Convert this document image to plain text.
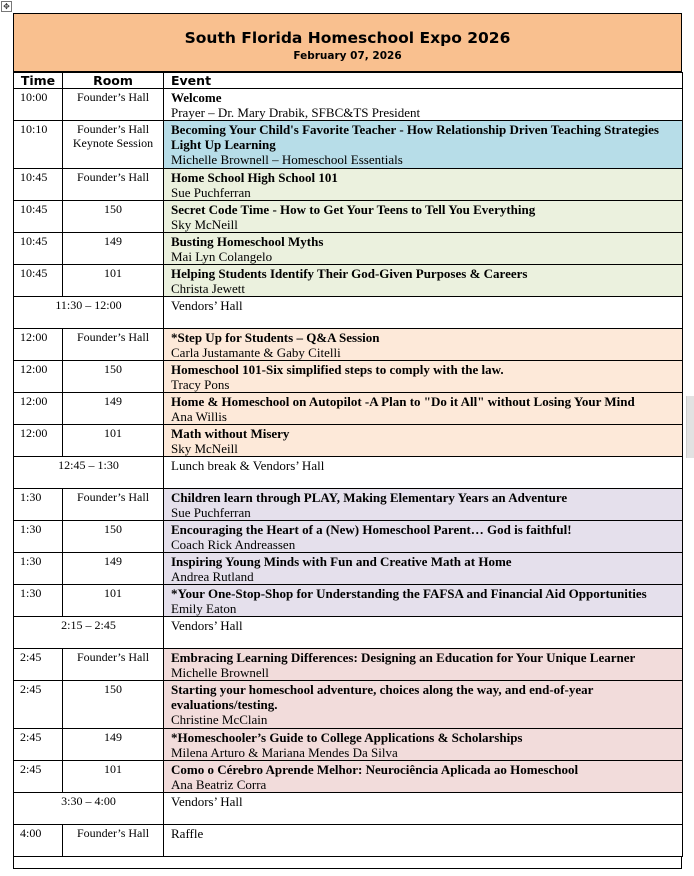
✥
South Florida Homeschool Expo 2026
February 07, 2026
Time	Room	Event
10:00	Founder’s Hall	Welcome
Prayer – Dr. Mary Drabik, SFBC&TS President

10:10	Founder’s Hall Keynote Session	Becoming Your Child's Favorite Teacher - How Relationship Driven Teaching Strategies Light Up Learning
Michelle Brownell – Homeschool Essentials

10:45	Founder’s Hall	Home School High School 101
Sue Puchferran

10:45	150	Secret Code Time - How to Get Your Teens to Tell You Everything
Sky McNeill

10:45	149	Busting Homeschool Myths
Mai Lyn Colangelo

10:45	101	Helping Students Identify Their God-Given Purposes & Careers
Christa Jewett

11:30 – 12:00		Vendors’ Hall

12:00	Founder’s Hall	*Step Up for Students – Q&A Session
Carla Justamante & Gaby Citelli

12:00	150	Homeschool 101-Six simplified steps to comply with the law.
Tracy Pons

12:00	149	Home & Homeschool on Autopilot -A Plan to "Do it All" without Losing Your Mind
Ana Willis

12:00	101	Math without Misery
Sky McNeill

12:45 – 1:30		Lunch break & Vendors’ Hall

1:30	Founder’s Hall	Children learn through PLAY, Making Elementary Years an Adventure
Sue Puchferran

1:30	150	Encouraging the Heart of a (New) Homeschool Parent… God is faithful!
Coach Rick Andreassen

1:30	149	Inspiring Young Minds with Fun and Creative Math at Home
Andrea Rutland

1:30	101	*Your One-Stop-Shop for Understanding the FAFSA and Financial Aid Opportunities
Emily Eaton

2:15 – 2:45		Vendors’ Hall

2:45	Founder’s Hall	Embracing Learning Differences: Designing an Education for Your Unique Learner
Michelle Brownell

2:45	150	Starting your homeschool adventure, choices along the way, and end-of-year evaluations/testing.
Christine McClain

2:45	149	*Homeschooler’s Guide to College Applications & Scholarships
Milena Arturo & Mariana Mendes Da Silva

2:45	101	Como o Cérebro Aprende Melhor: Neurociência Aplicada ao Homeschool
Ana Beatriz Corra

3:30 – 4:00		Vendors’ Hall

4:00	Founder’s Hall	Raffle
